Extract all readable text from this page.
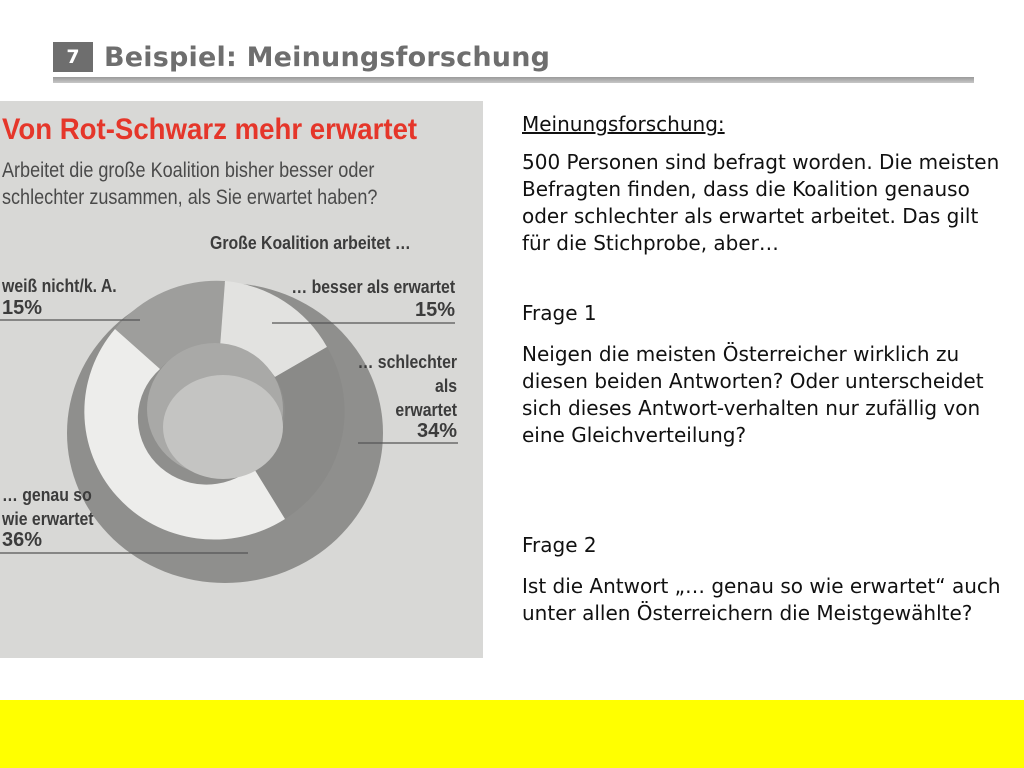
7 Beispiel: Meinungsforschung
Von Rot-Schwarz mehr erwartet
Arbeitet die große Koalition bisher besser oder
schlechter zusammen, als Sie erwartet haben?
Große Koalition arbeitet …
weiß nicht/k. A.
15%
… besser als erwartet
15%
… schlechter
als
erwartet
34%
… genau so
wie erwartet
36%
Meinungsforschung:
500 Personen sind befragt worden. Die meisten Befragten finden, dass die Koalition genauso oder schlechter als erwartet arbeitet. Das gilt für die Stichprobe, aber…
Frage 1
Neigen die meisten Österreicher wirklich zu diesen beiden Antworten? Oder unterscheidet sich dieses Antwort-verhalten nur zufällig von eine Gleichverteilung?
Frage 2
Ist die Antwort „… genau so wie erwartet“ auch unter allen Österreichern die Meistgewählte?
